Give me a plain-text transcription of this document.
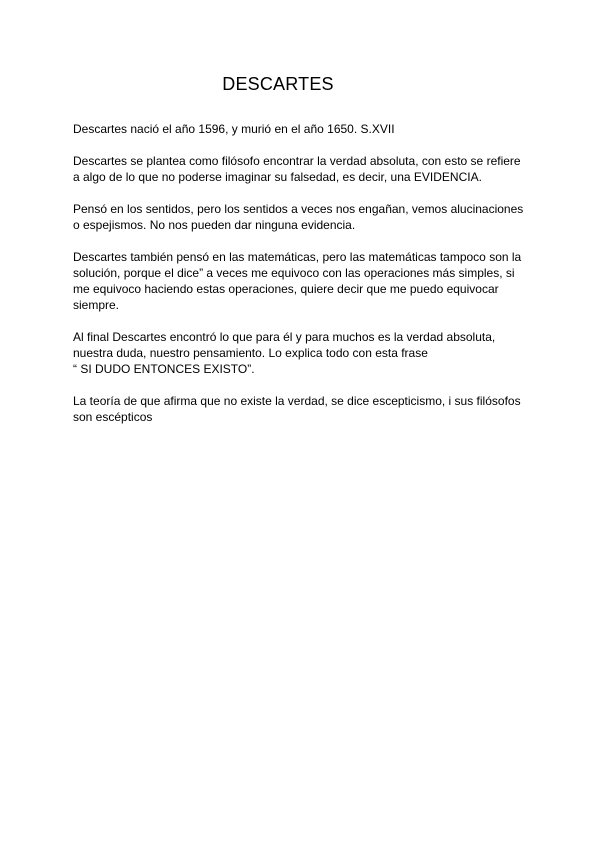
DESCARTES

Descartes nació el año 1596, y murió en el año 1650. S.XVII

Descartes se plantea como filósofo encontrar la verdad absoluta, con esto se refiere
a algo de lo que no poderse imaginar su falsedad, es decir, una EVIDENCIA.

Pensó en los sentidos, pero los sentidos a veces nos engañan, vemos alucinaciones
o espejismos. No nos pueden dar ninguna evidencia.

Descartes también pensó en las matemáticas, pero las matemáticas tampoco son la
solución, porque el dice” a veces me equivoco con las operaciones más simples, si
me equivoco haciendo estas operaciones, quiere decir que me puedo equivocar
siempre.

Al final Descartes encontró lo que para él y para muchos es la verdad absoluta,
nuestra duda, nuestro pensamiento. Lo explica todo con esta frase
“ SI DUDO ENTONCES EXISTO”.

La teoría de que afirma que no existe la verdad, se dice escepticismo, i sus filósofos
son escépticos
